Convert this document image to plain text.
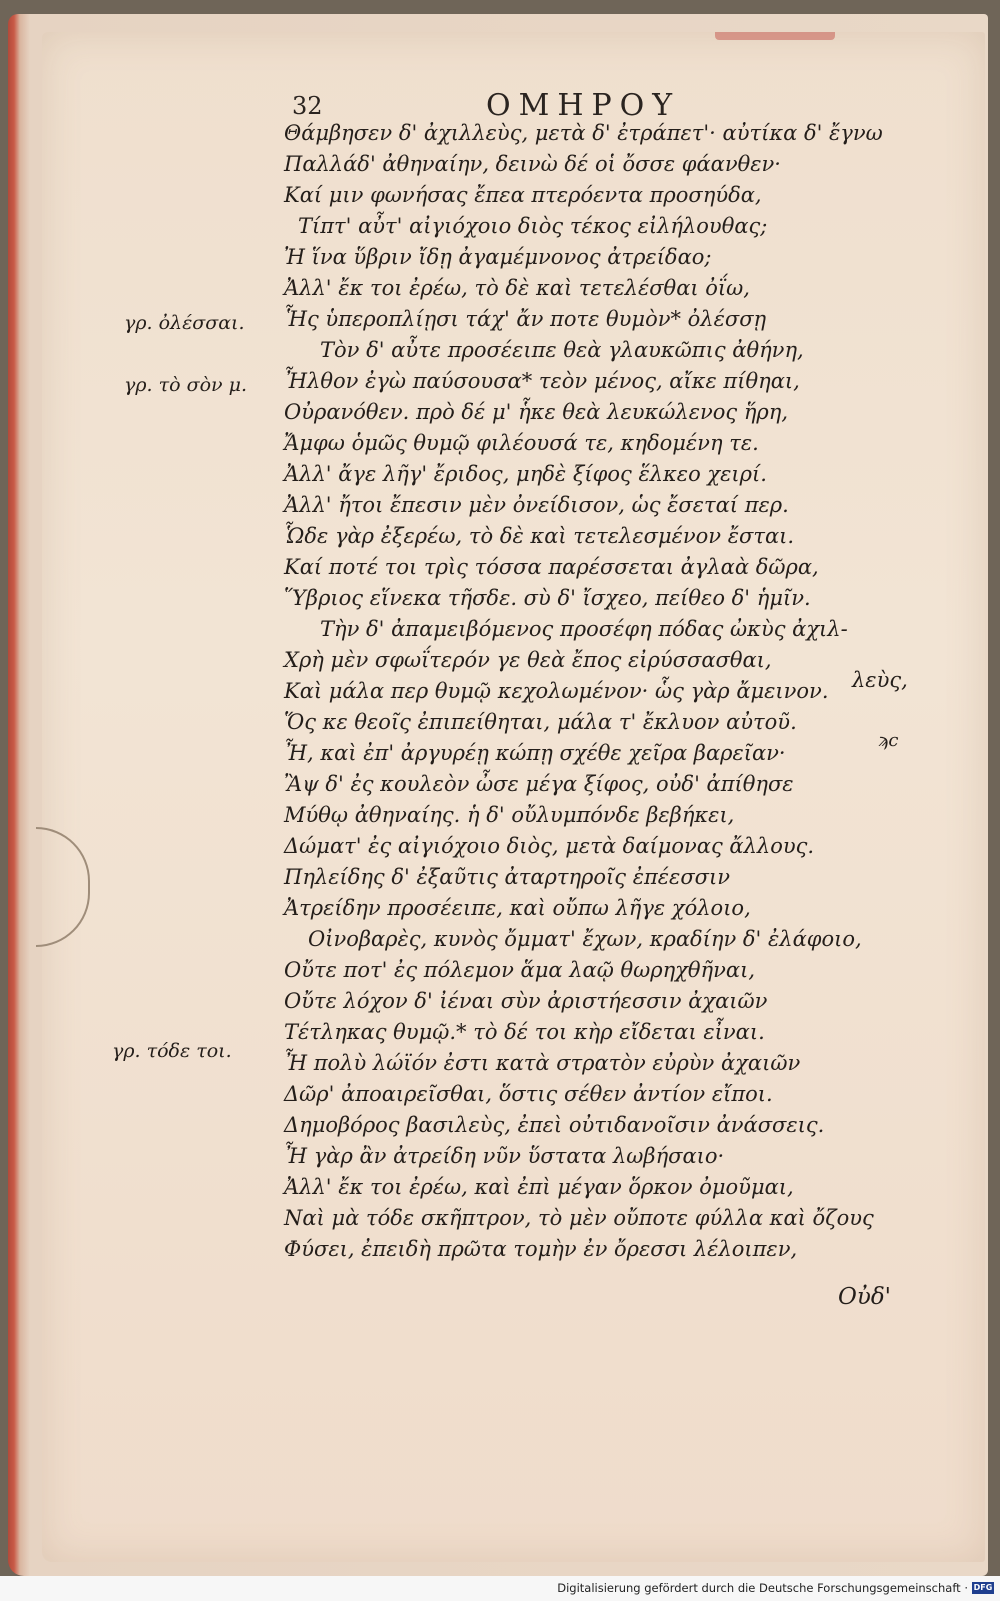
32	ΟΜΗΡΟΥ
Θάμβησεν δ' ἀχιλλεὺς, μετὰ δ' ἐτράπετ'· αὐτίκα δ' ἔγνω
Παλλάδ' ἀθηναίην, δεινὼ δέ οἱ ὄσσε φάανθεν·
Καί μιν φωνήσας ἔπεα πτερόεντα προσηύδα,
Τίπτ' αὖτ' αἰγιόχοιο διὸς τέκος εἰλήλουθας;
Ἠ ἵνα ὕβριν ἴδῃ ἀγαμέμνονος ἀτρείδαο;
Ἀλλ' ἔκ τοι ἐρέω, τὸ δὲ καὶ τετελέσθαι ὀΐω,
Ἧς ὑπεροπλίῃσι τάχ' ἄν ποτε θυμὸν* ὀλέσσῃ
Τὸν δ' αὖτε προσέειπε θεὰ γλαυκῶπις ἀθήνη,
Ἦλθον ἐγὼ παύσουσα* τεὸν μένος, αἴκε πίθηαι,
Οὐρανόθεν. πρὸ δέ μ' ἧκε θεὰ λευκώλενος ἥρη,
Ἄμφω ὁμῶς θυμῷ φιλέουσά τε, κηδομένη τε.
Ἀλλ' ἄγε λῆγ' ἔριδος, μηδὲ ξίφος ἕλκεο χειρί.
Ἀλλ' ἤτοι ἔπεσιν μὲν ὀνείδισον, ὡς ἔσεταί περ.
Ὧδε γὰρ ἐξερέω, τὸ δὲ καὶ τετελεσμένον ἔσται.
Καί ποτέ τοι τρὶς τόσσα παρέσσεται ἀγλαὰ δῶρα,
Ὕβριος εἵνεκα τῆσδε. σὺ δ' ἴσχεο, πείθεο δ' ἡμῖν.
Τὴν δ' ἀπαμειβόμενος προσέφη πόδας ὠκὺς ἀχιλ-
Χρὴ μὲν σφωΐτερόν γε θεὰ ἔπος εἰρύσσασθαι,
Καὶ μάλα περ θυμῷ κεχολωμένον· ὧς γὰρ ἄμεινον.
Ὅς κε θεοῖς ἐπιπείθηται, μάλα τ' ἔκλυον αὐτοῦ.
Ἦ, καὶ ἐπ' ἀργυρέῃ κώπῃ σχέθε χεῖρα βαρεῖαν·
Ἂψ δ' ἐς κουλεὸν ὦσε μέγα ξίφος, οὐδ' ἀπίθησε
Μύθῳ ἀθηναίης. ἡ δ' οὔλυμπόνδε βεβήκει,
Δώματ' ἐς αἰγιόχοιο διὸς, μετὰ δαίμονας ἄλλους.
Πηλείδης δ' ἐξαῦτις ἀταρτηροῖς ἐπέεσσιν
Ἀτρείδην προσέειπε, καὶ οὔπω λῆγε χόλοιο,
Οἰνοβαρὲς, κυνὸς ὄμματ' ἔχων, κραδίην δ' ἐλάφοιο,
Οὔτε ποτ' ἐς πόλεμον ἅμα λαῷ θωρηχθῆναι,
Οὔτε λόχον δ' ἰέναι σὺν ἀριστήεσσιν ἀχαιῶν
Τέτληκας θυμῷ.* τὸ δέ τοι κὴρ εἴδεται εἶναι.
Ἦ πολὺ λώϊόν ἐστι κατὰ στρατὸν εὐρὺν ἀχαιῶν
Δῶρ' ἀποαιρεῖσθαι, ὅστις σέθεν ἀντίον εἴποι.
Δημοβόρος βασιλεὺς, ἐπεὶ οὐτιδανοῖσιν ἀνάσσεις.
Ἦ γὰρ ἂν ἀτρείδη νῦν ὕστατα λωβήσαιο·
Ἀλλ' ἔκ τοι ἐρέω, καὶ ἐπὶ μέγαν ὅρκον ὀμοῦμαι,
Ναὶ μὰ τόδε σκῆπτρον, τὸ μὲν οὔποτε φύλλα καὶ ὄζους
Φύσει, ἐπειδὴ πρῶτα τομὴν ἐν ὄρεσσι λέλοιπεν,
γρ. ὀλέσσαι.
γρ. τὸ σὸν μ.
γρ. τόδε τοι.
λεὺς,
ϡϲ
Οὐδ'
Digitalisierung gefördert durch die Deutsche Forschungsgemeinschaft · DFG
